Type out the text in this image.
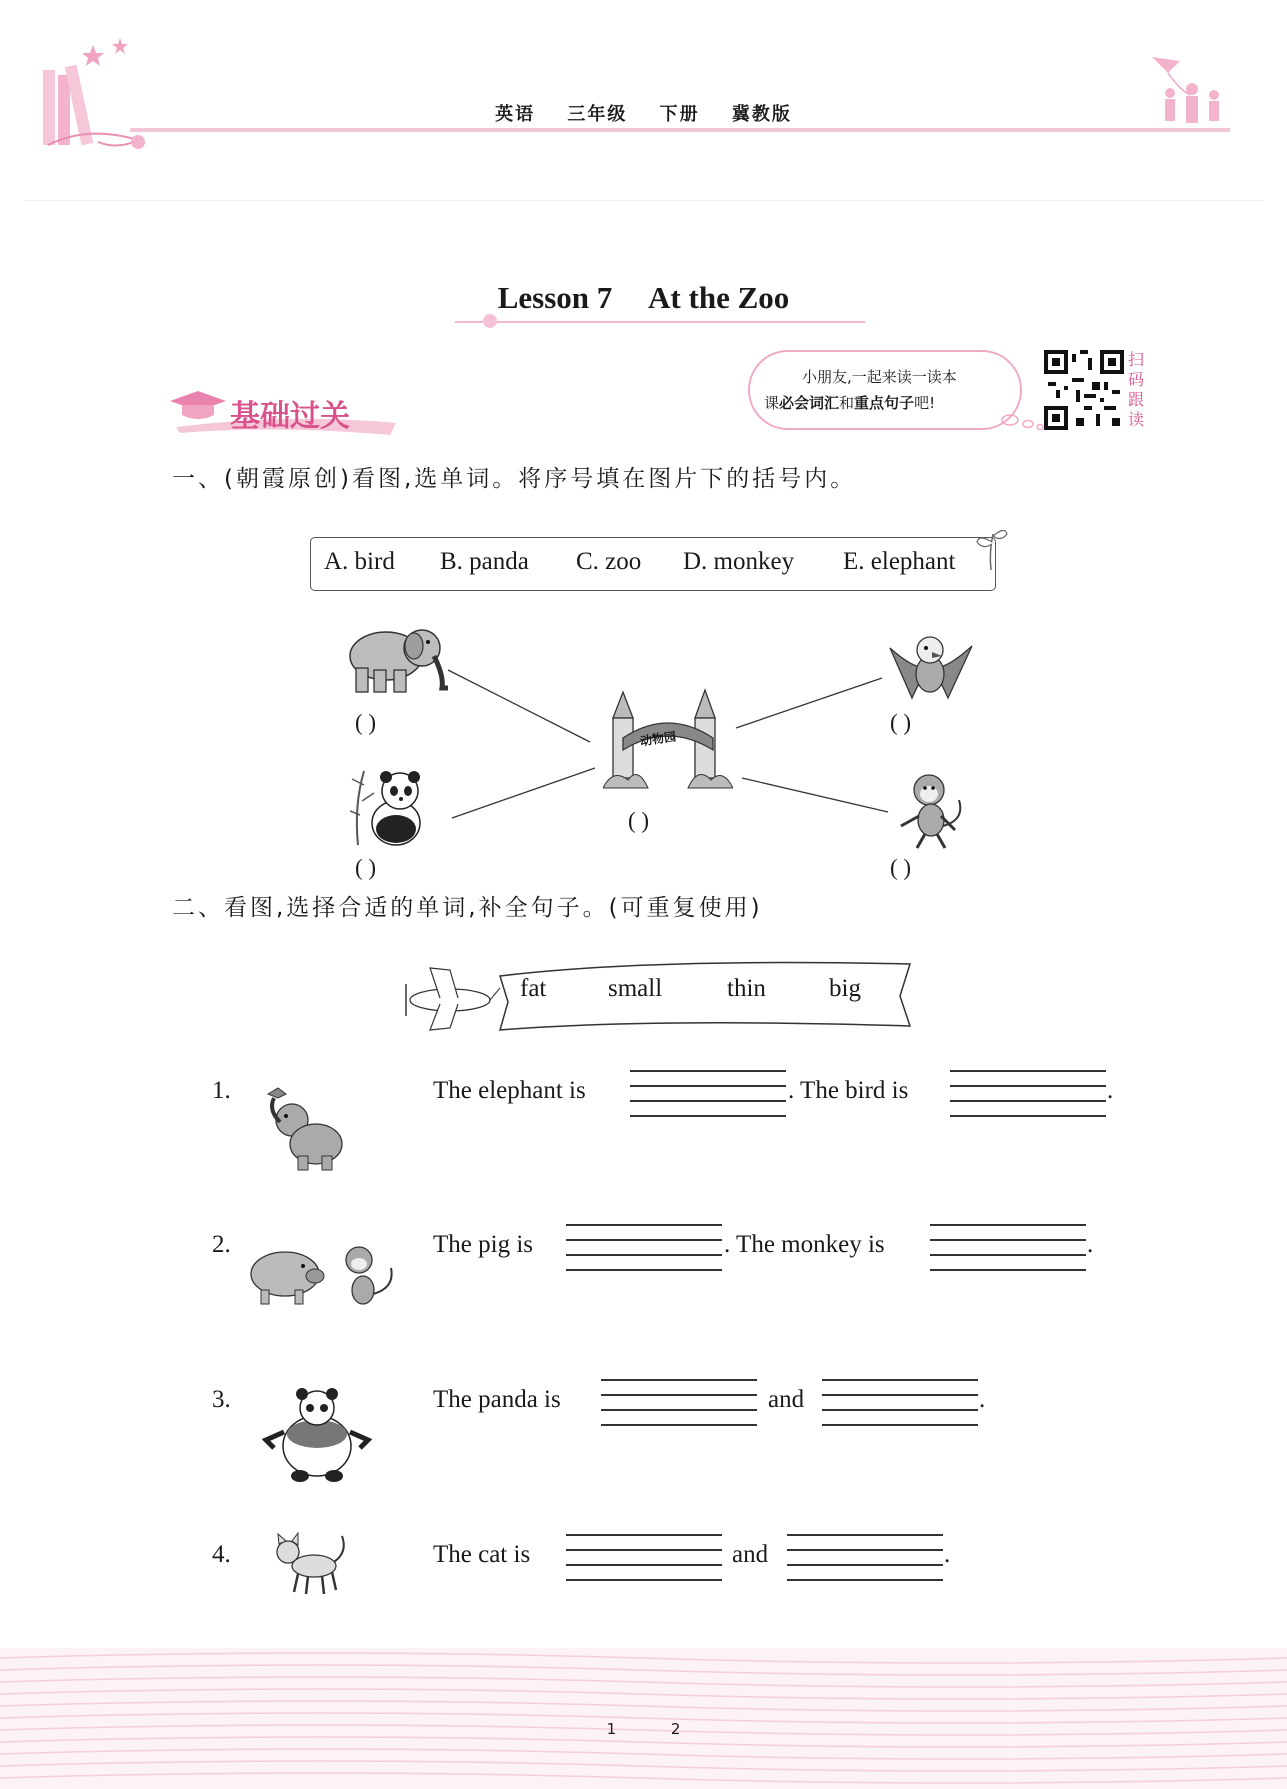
英语 三年级 下册 冀教版
Lesson 7 At the Zoo
基础过关
小朋友,一起来读一读本
课必会词汇和重点句子吧!
扫码跟读
一、(朝霞原创)看图,选单词。将序号填在图片下的括号内。
A. bird B. panda C. zoo D. monkey E. elephant
( )
( )
动物园
( )
( )
( )
二、看图,选择合适的单词,补全句子。(可重复使用)
fat small	thin	big
1.	The elephant is	. The bird is	.
2.	The pig is	. The monkey is	.
3.	The panda is	and	.
4.	The cat is	and	.
1	2
